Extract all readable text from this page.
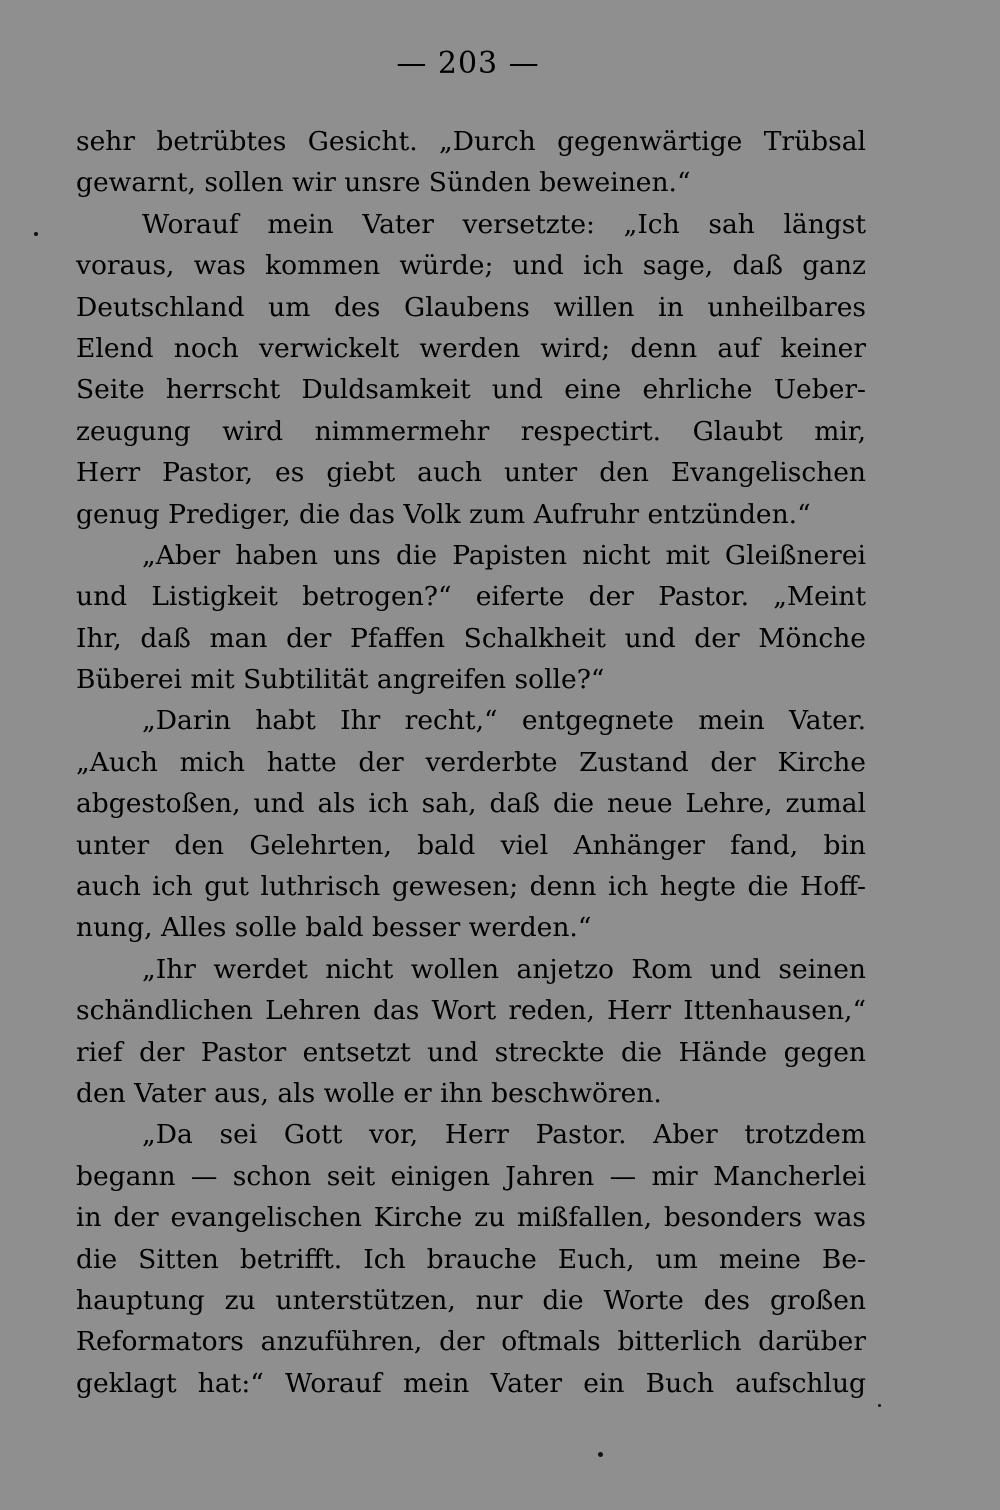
— 203 —
sehr betrübtes Gesicht. „Durch gegenwärtige Trübsal
gewarnt, sollen wir unsre Sünden beweinen.“
Worauf mein Vater versetzte: „Ich sah längst
voraus, was kommen würde; und ich sage, daß ganz
Deutschland um des Glaubens willen in unheilbares
Elend noch verwickelt werden wird; denn auf keiner
Seite herrscht Duldsamkeit und eine ehrliche Ueber-
zeugung wird nimmermehr respectirt. Glaubt mir,
Herr Pastor, es giebt auch unter den Evangelischen
genug Prediger, die das Volk zum Aufruhr entzünden.“
„Aber haben uns die Papisten nicht mit Gleißnerei
und Listigkeit betrogen?“ eiferte der Pastor. „Meint
Ihr, daß man der Pfaffen Schalkheit und der Mönche
Büberei mit Subtilität angreifen solle?“
„Darin habt Ihr recht,“ entgegnete mein Vater.
„Auch mich hatte der verderbte Zustand der Kirche
abgestoßen, und als ich sah, daß die neue Lehre, zumal
unter den Gelehrten, bald viel Anhänger fand, bin
auch ich gut luthrisch gewesen; denn ich hegte die Hoff-
nung, Alles solle bald besser werden.“
„Ihr werdet nicht wollen anjetzo Rom und seinen
schändlichen Lehren das Wort reden, Herr Ittenhausen,“
rief der Pastor entsetzt und streckte die Hände gegen
den Vater aus, als wolle er ihn beschwören.
„Da sei Gott vor, Herr Pastor. Aber trotzdem
begann — schon seit einigen Jahren — mir Mancherlei
in der evangelischen Kirche zu mißfallen, besonders was
die Sitten betrifft. Ich brauche Euch, um meine Be-
hauptung zu unterstützen, nur die Worte des großen
Reformators anzuführen, der oftmals bitterlich darüber
geklagt hat:“ Worauf mein Vater ein Buch aufschlug
